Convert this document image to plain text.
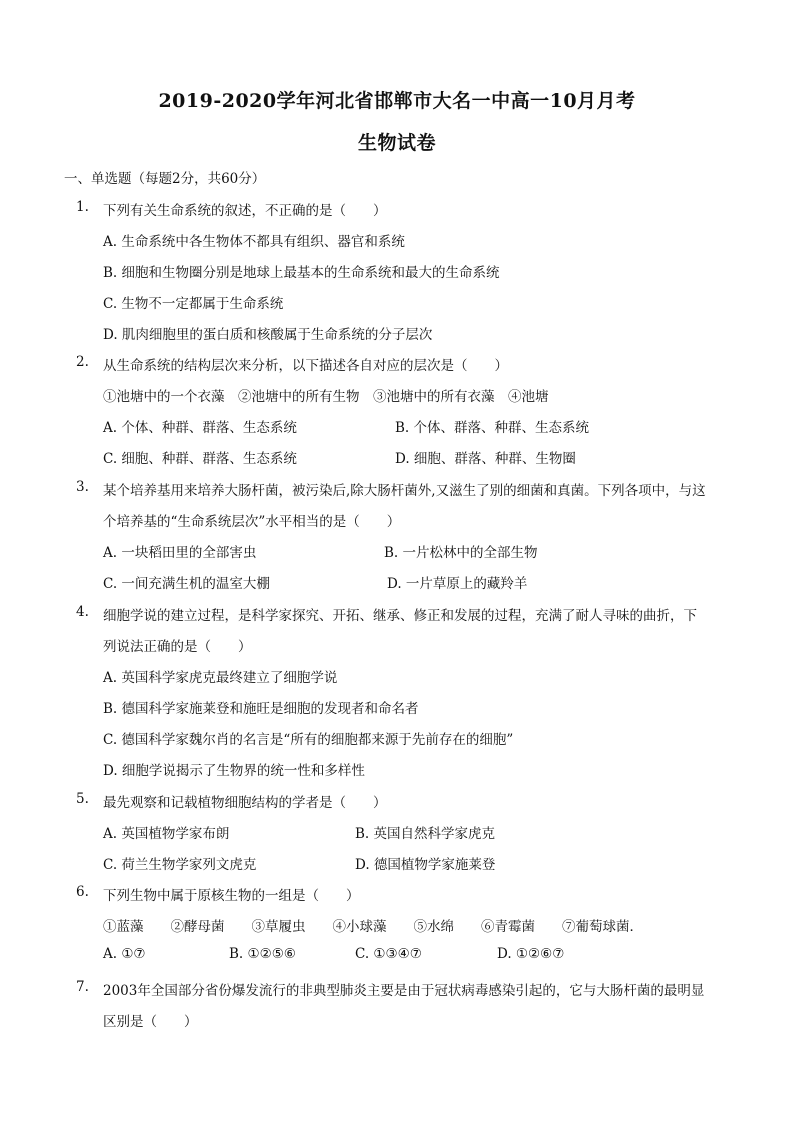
2019-2020学年河北省邯郸市大名一中高一10月月考
生物试卷
一、单选题（每题2分，共60分）
1. 下列有关生命系统的叙述，不正确的是（　　）
A. 生命系统中各生物体不都具有组织、器官和系统
B. 细胞和生物圈分别是地球上最基本的生命系统和最大的生命系统
C. 生物不一定都属于生命系统
D. 肌肉细胞里的蛋白质和核酸属于生命系统的分子层次
2. 从生命系统的结构层次来分析，以下描述各自对应的层次是（　　）
①池塘中的一个衣藻　②池塘中的所有生物　③池塘中的所有衣藻　④池塘
A. 个体、种群、群落、生态系统	B. 个体、群落、种群、生态系统
C. 细胞、种群、群落、生态系统	D. 细胞、群落、种群、生物圈
3. 某个培养基用来培养大肠杆菌，被污染后,除大肠杆菌外,又滋生了别的细菌和真菌。下列各项中，与这
个培养基的“生命系统层次”水平相当的是（　　）
A. 一块稻田里的全部害虫	B. 一片松林中的全部生物
C. 一间充满生机的温室大棚	D. 一片草原上的藏羚羊
4. 细胞学说的建立过程，是科学家探究、开拓、继承、修正和发展的过程，充满了耐人寻味的曲折，下
列说法正确的是（　　）
A. 英国科学家虎克最终建立了细胞学说
B. 德国科学家施莱登和施旺是细胞的发现者和命名者
C. 德国科学家魏尔肖的名言是“所有的细胞都来源于先前存在的细胞”
D. 细胞学说揭示了生物界的统一性和多样性
5. 最先观察和记载植物细胞结构的学者是（　　）
A. 英国植物学家布朗	B. 英国自然科学家虎克
C. 荷兰生物学家列文虎克	D. 德国植物学家施莱登
6. 下列生物中属于原核生物的一组是（　　）
①蓝藻　　②酵母菌　　③草履虫　　④小球藻　　⑤水绵　　⑥青霉菌　　⑦葡萄球菌．
A. ①⑦	B. ①②⑤⑥	C. ①③④⑦	D. ①②⑥⑦
7. 2003年全国部分省份爆发流行的非典型肺炎主要是由于冠状病毒感染引起的，它与大肠杆菌的最明显
区别是（　　）
